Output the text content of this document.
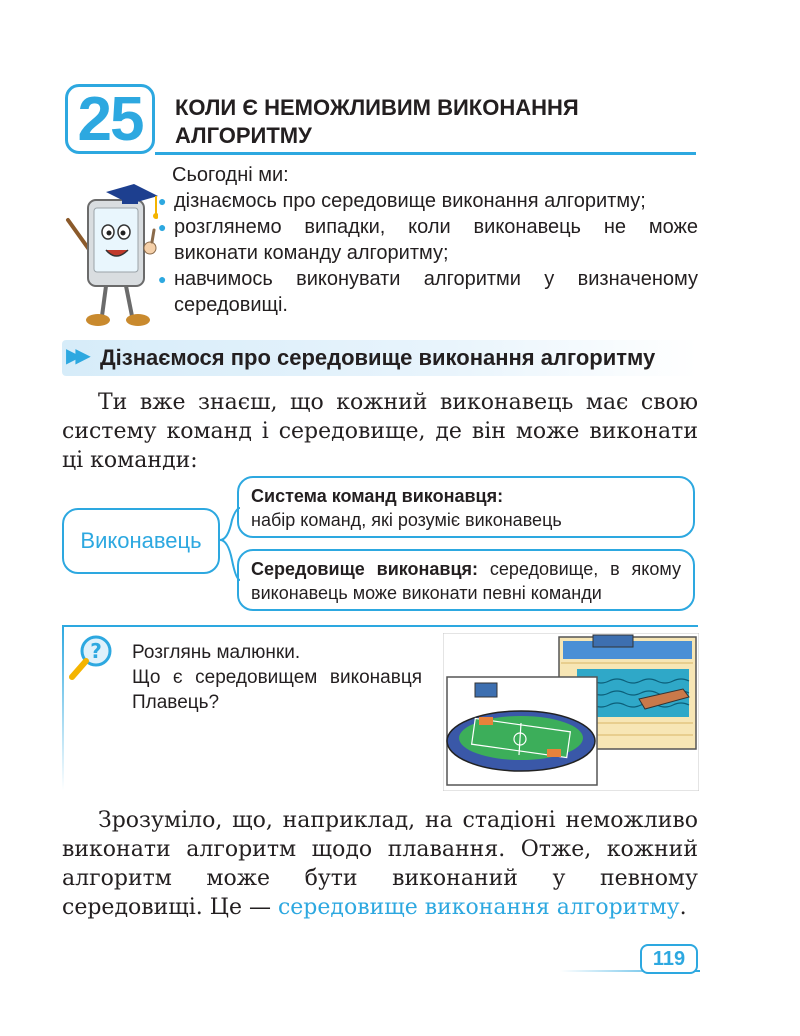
25 КОЛИ Є НЕМОЖЛИВИМ ВИКОНАННЯ АЛГОРИТМУ
Сьогодні ми:
● дізнаємось про середовище виконання алгоритму;
● розглянемо випадки, коли виконавець не може виконати команду алгоритму;
● навчимось виконувати алгоритми у визначеному середовищі.
▶▶ Дізнаємося про середовище виконання алгоритму
Ти вже знаєш, що кожний виконавець має свою систему команд і середовище, де він може виконати ці команди:
Виконавець
Система команд виконавця:
набір команд, які розуміє виконавець
Середовище виконавця: середовище, в якому виконавець може виконати певні команди
? Розглянь малюнки.
Що є середовищем виконавця Плавець?
Зрозуміло, що, наприклад, на стадіоні неможливо виконати алгоритм щодо плавання. Отже, кожний алгоритм може бути виконаний у певному середовищі. Це — середовище виконання алгоритму.
119
